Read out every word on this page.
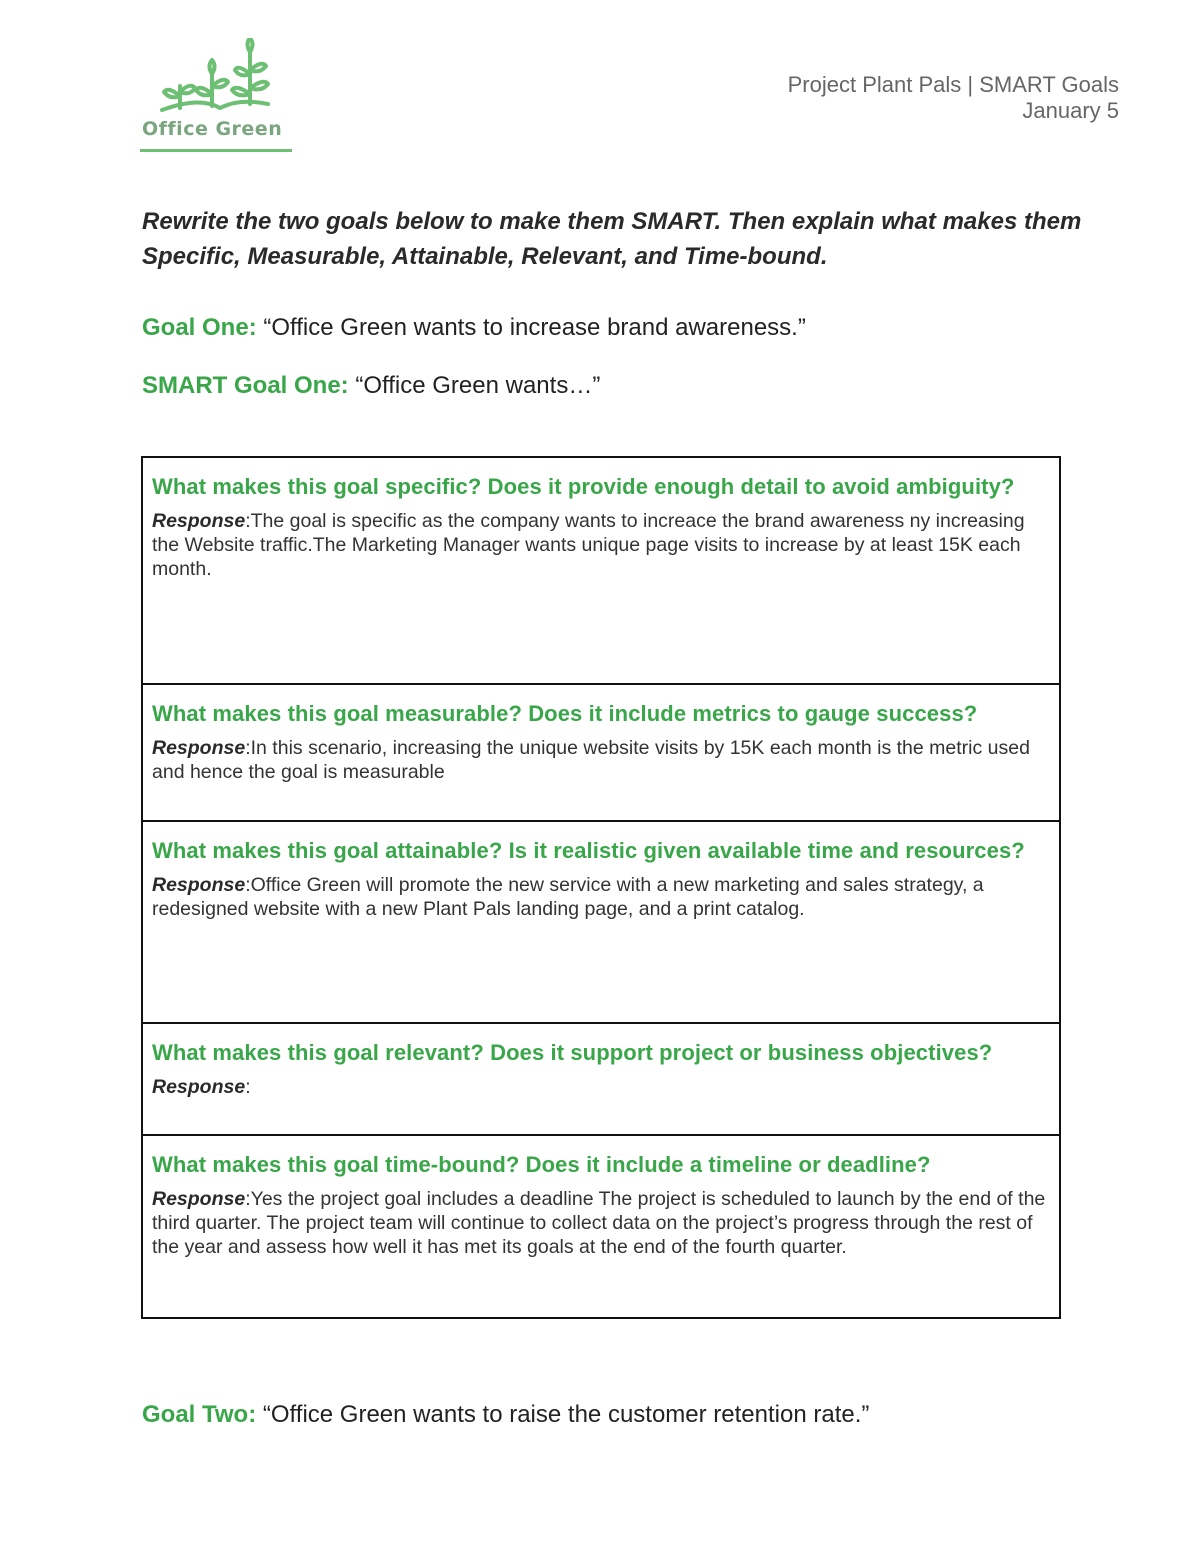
Office Green
Project Plant Pals | SMART Goals
January 5
Rewrite the two goals below to make them SMART. Then explain what makes them Specific, Measurable, Attainable, Relevant, and Time-bound.
Goal One: “Office Green wants to increase brand awareness.”
SMART Goal One: “Office Green wants…”
What makes this goal specific? Does it provide enough detail to avoid ambiguity?
Response:The goal is specific as the company wants to increace the brand awareness ny increasing the Website traffic.The Marketing Manager wants unique page visits to increase by at least 15K each month.
What makes this goal measurable? Does it include metrics to gauge success?
Response:In this scenario, increasing the unique website visits by 15K each month is the metric used and hence the goal is measurable
What makes this goal attainable? Is it realistic given available time and resources?
Response:Office Green will promote the new service with a new marketing and sales strategy, a redesigned website with a new Plant Pals landing page, and a print catalog.
What makes this goal relevant? Does it support project or business objectives?
Response:
What makes this goal time-bound? Does it include a timeline or deadline?
Response:Yes the project goal includes a deadline The project is scheduled to launch by the end of the third quarter. The project team will continue to collect data on the project’s progress through the rest of the year and assess how well it has met its goals at the end of the fourth quarter.
Goal Two: “Office Green wants to raise the customer retention rate.”
